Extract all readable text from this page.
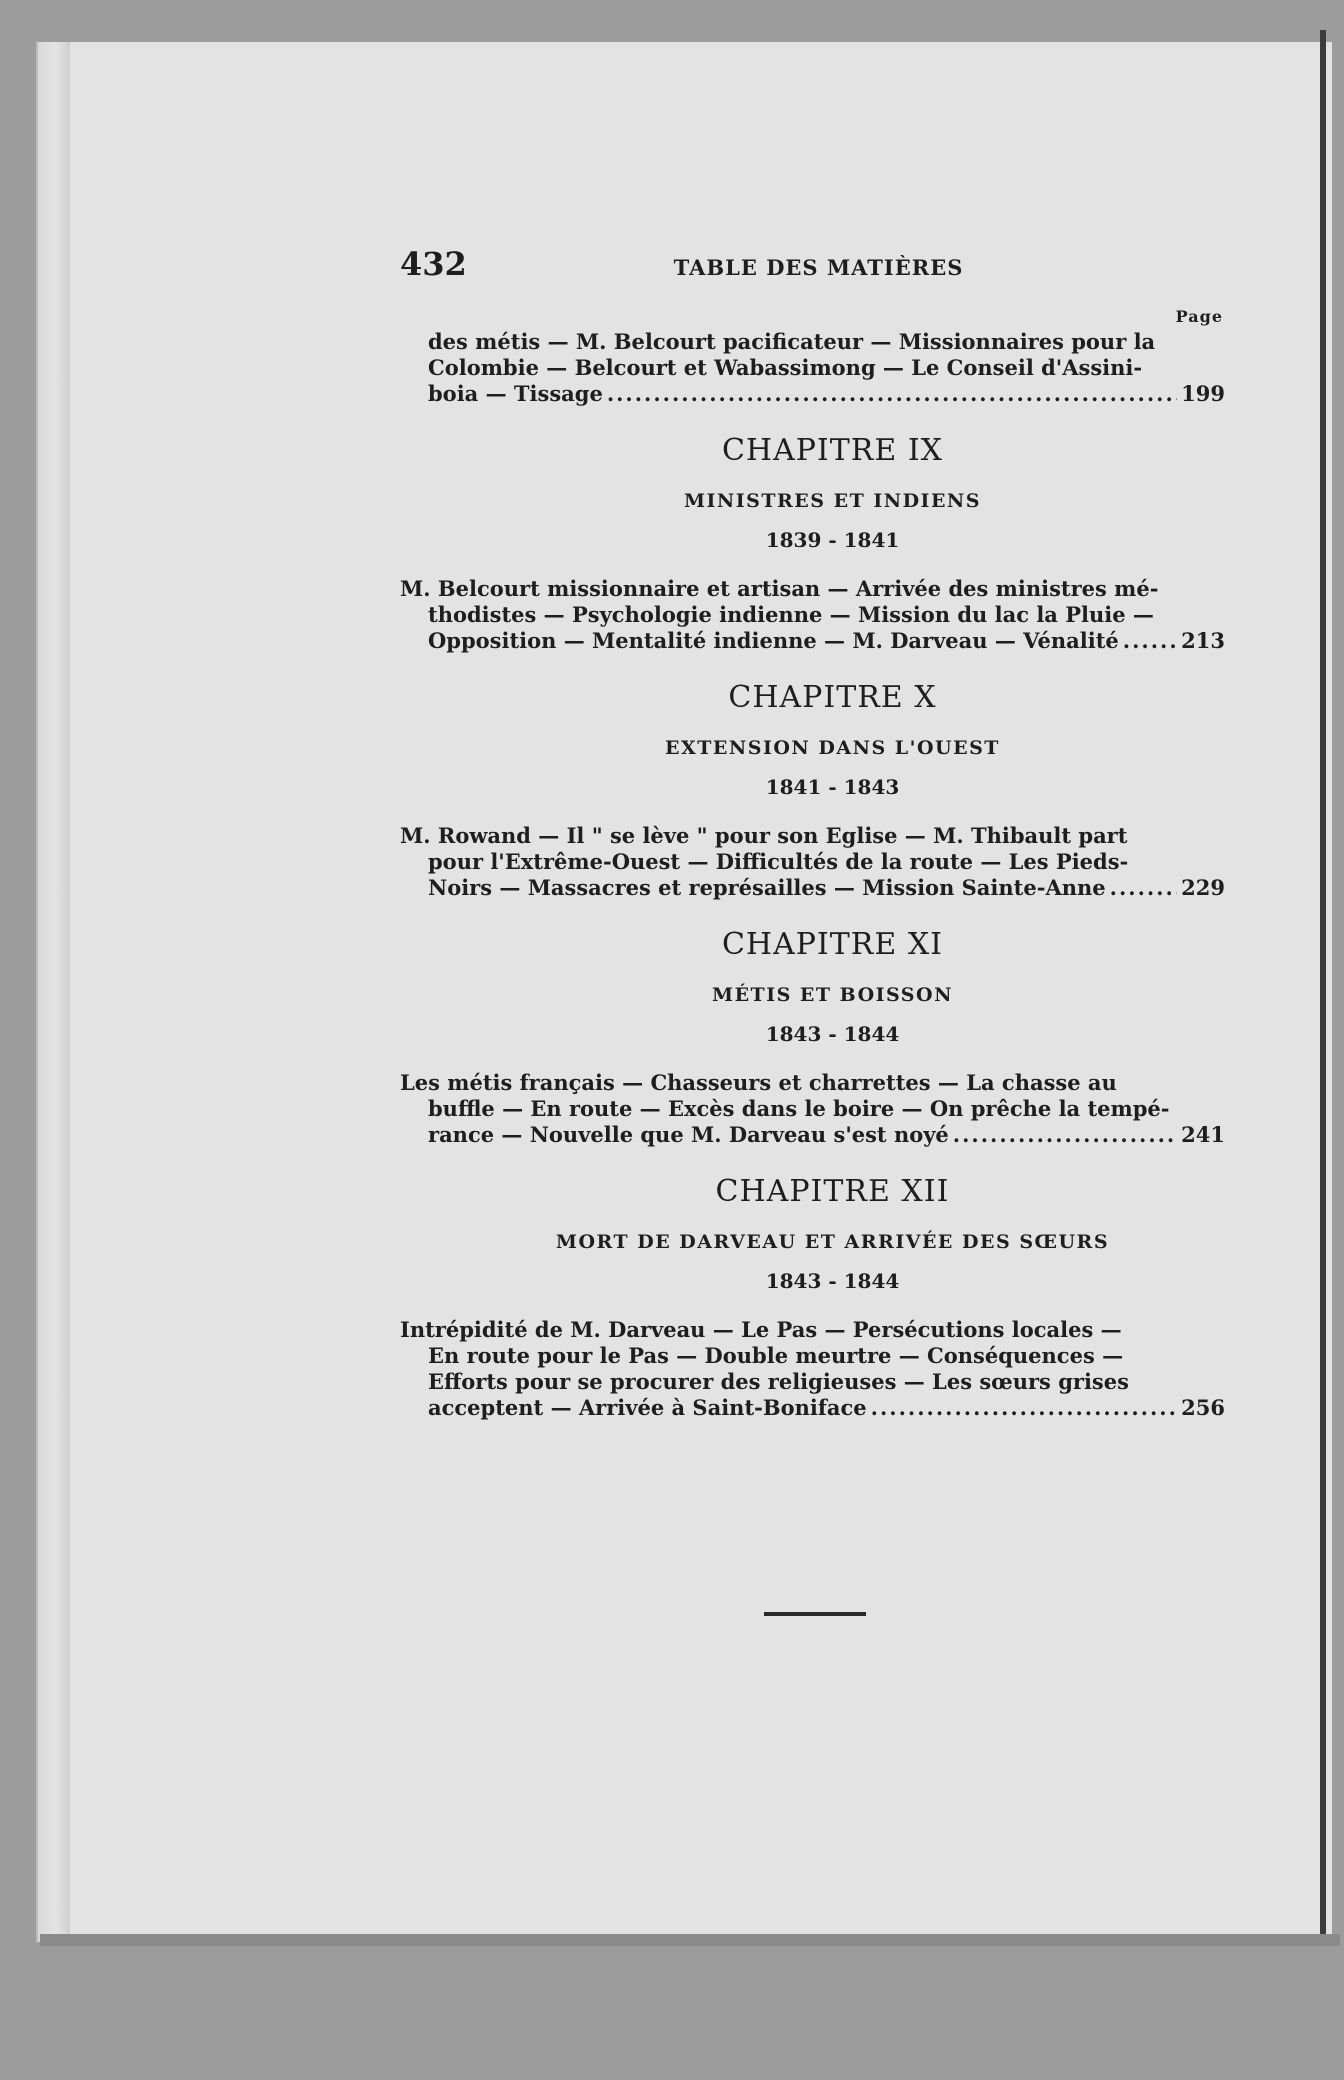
432	TABLE DES MATIÈRES
Page
des métis — M. Belcourt pacificateur — Missionnaires pour la
Colombie — Belcourt et Wabassimong — Le Conseil d'Assini-
boia — Tissage .....	199
CHAPITRE IX
MINISTRES ET INDIENS
1839 - 1841
M. Belcourt missionnaire et artisan — Arrivée des ministres mé-
thodistes — Psychologie indienne — Mission du lac la Pluie —
Opposition — Mentalité indienne — M. Darveau — Vénalité .....	213
CHAPITRE X
EXTENSION DANS L'OUEST
1841 - 1843
M. Rowand — Il " se lève " pour son Eglise — M. Thibault part
pour l'Extrême-Ouest — Difficultés de la route — Les Pieds-
Noirs — Massacres et représailles — Mission Sainte-Anne .....	229
CHAPITRE XI
MÉTIS ET BOISSON
1843 - 1844
Les métis français — Chasseurs et charrettes — La chasse au
buffle — En route — Excès dans le boire — On prêche la tempé-
rance — Nouvelle que M. Darveau s'est noyé .....	241
CHAPITRE XII
MORT DE DARVEAU ET ARRIVÉE DES SŒURS
1843 - 1844
Intrépidité de M. Darveau — Le Pas — Persécutions locales —
En route pour le Pas — Double meurtre — Conséquences —
Efforts pour se procurer des religieuses — Les sœurs grises
acceptent — Arrivée à Saint-Boniface .....	256
